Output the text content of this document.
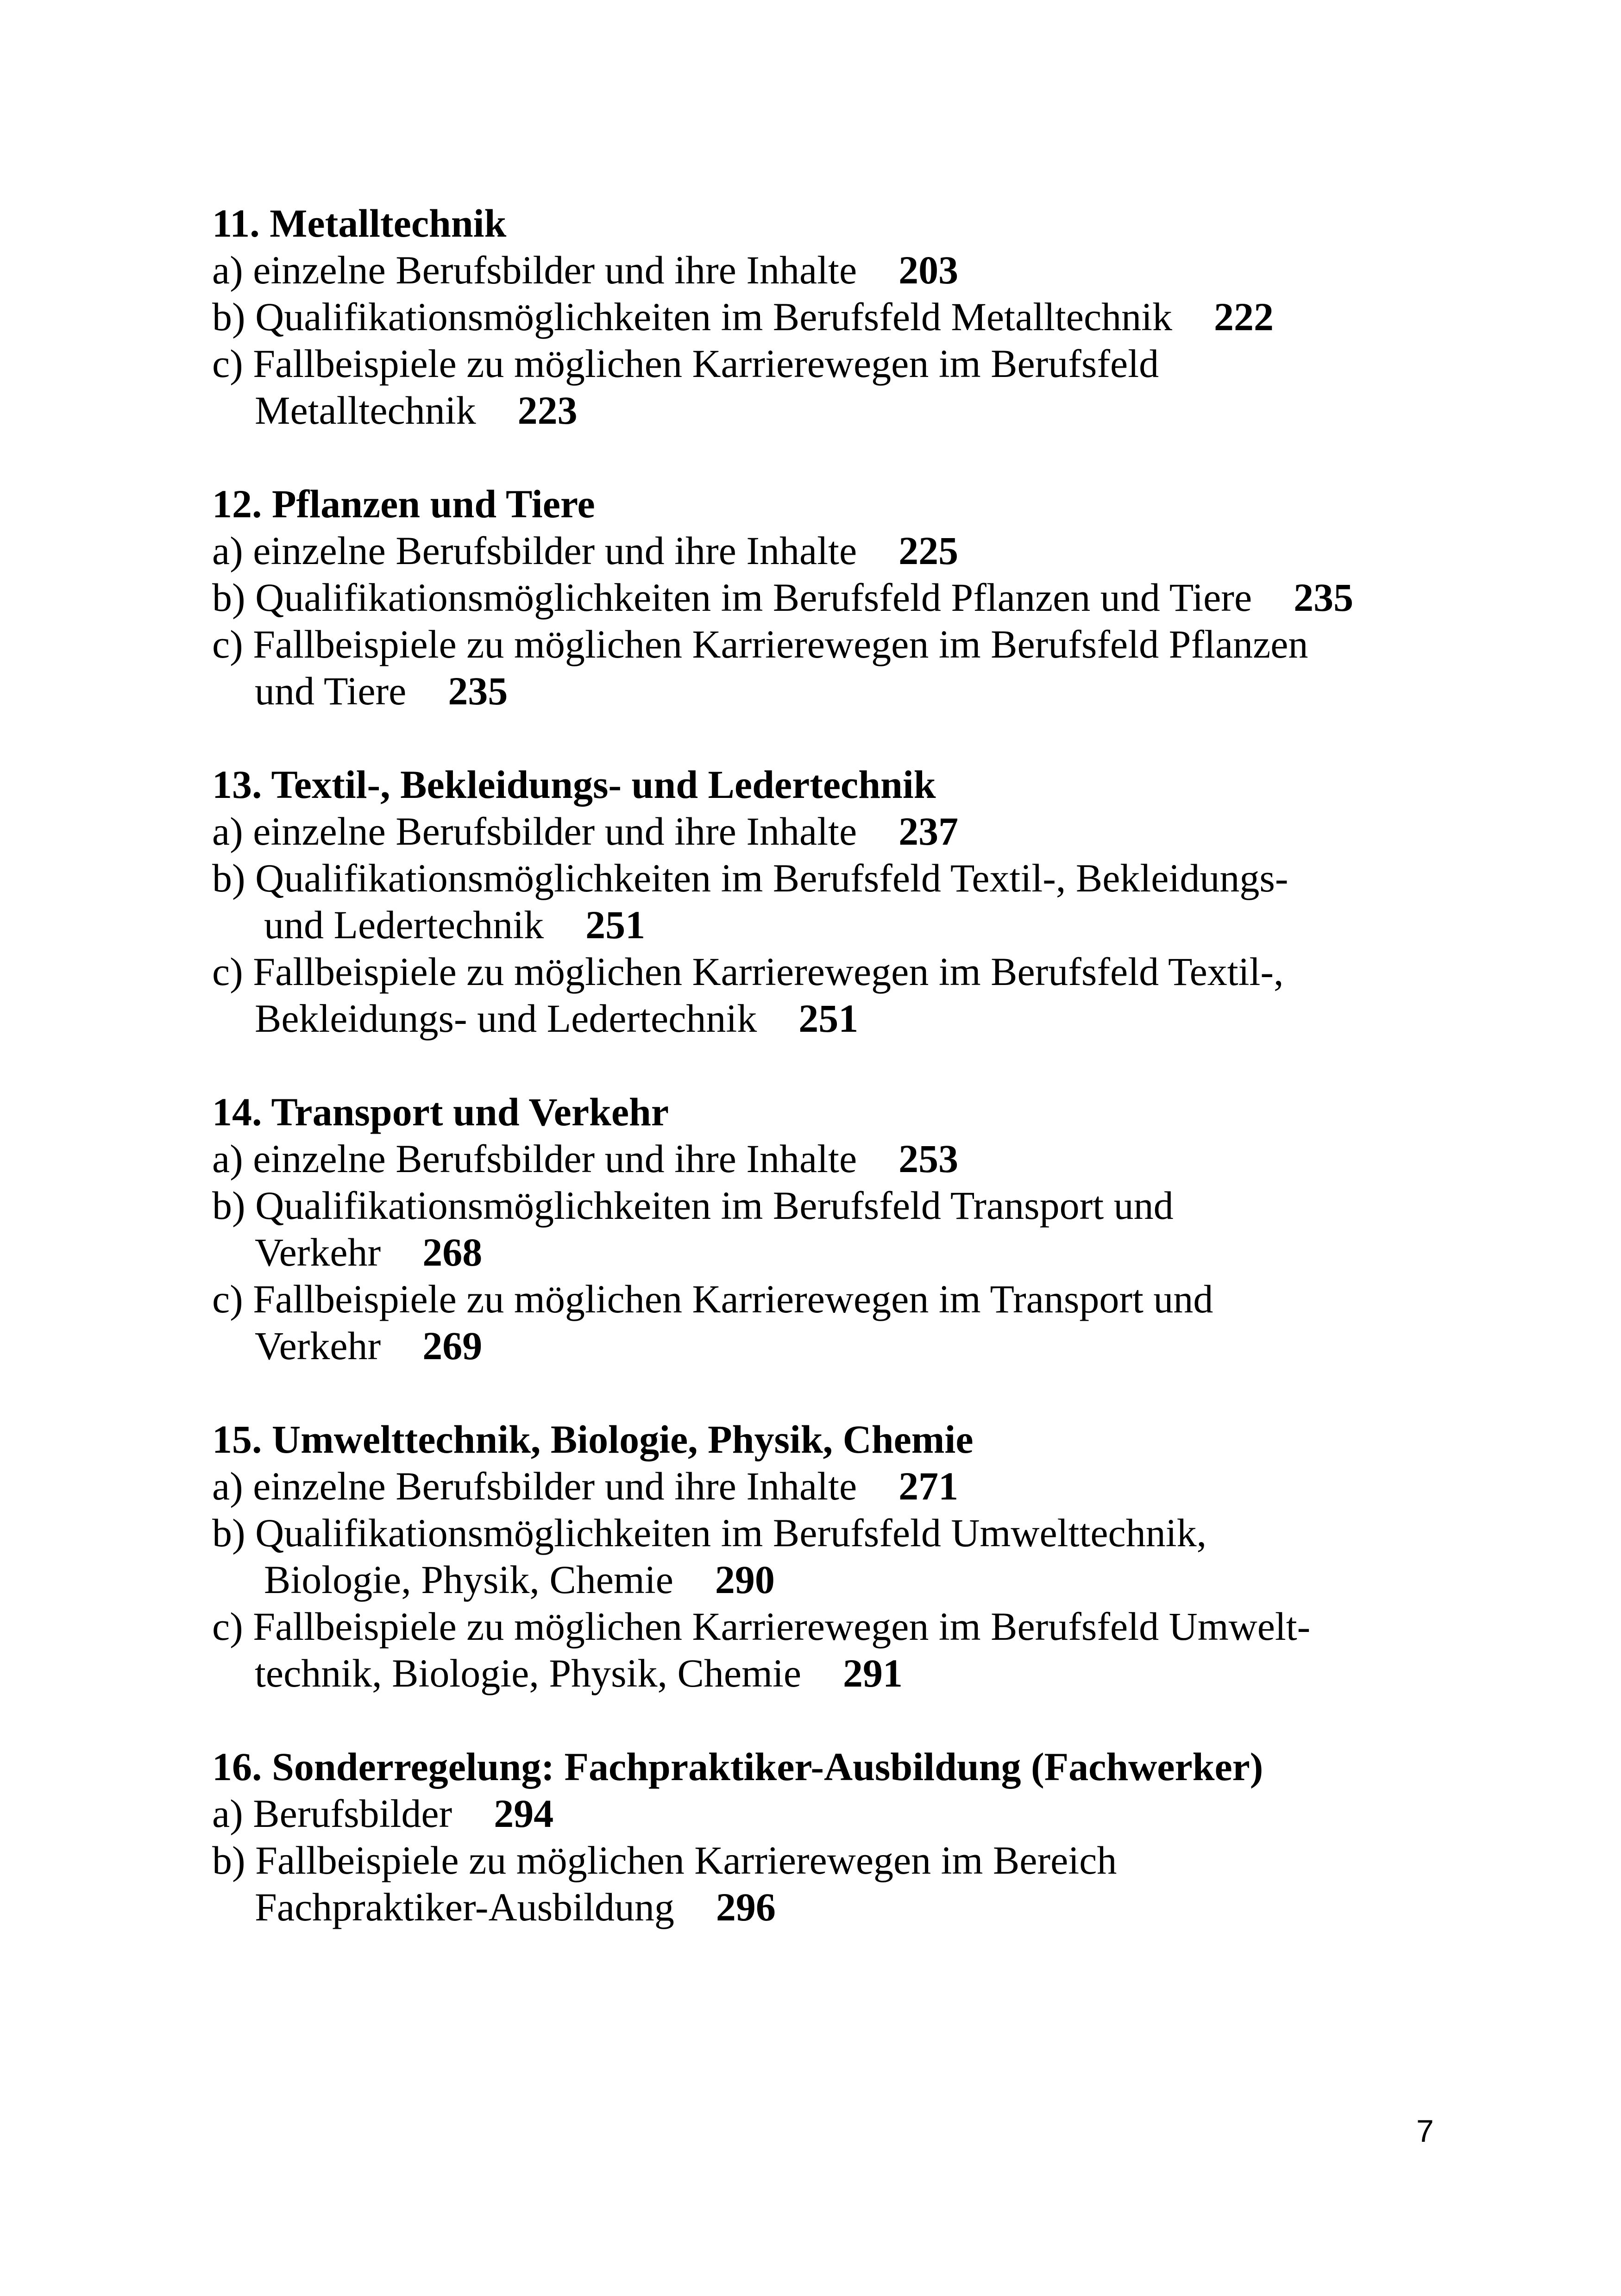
11. Metalltechnik
a) einzelne Berufsbilder und ihre Inhalte 203
b) Qualifikationsmöglichkeiten im Berufsfeld Metalltechnik 222
c) Fallbeispiele zu möglichen Karrierewegen im Berufsfeld
Metalltechnik 223
12. Pflanzen und Tiere
a) einzelne Berufsbilder und ihre Inhalte 225
b) Qualifikationsmöglichkeiten im Berufsfeld Pflanzen und Tiere 235
c) Fallbeispiele zu möglichen Karrierewegen im Berufsfeld Pflanzen
und Tiere 235
13. Textil-, Bekleidungs- und Ledertechnik
a) einzelne Berufsbilder und ihre Inhalte 237
b) Qualifikationsmöglichkeiten im Berufsfeld Textil-, Bekleidungs-
und Ledertechnik 251
c) Fallbeispiele zu möglichen Karrierewegen im Berufsfeld Textil-,
Bekleidungs- und Ledertechnik 251
14. Transport und Verkehr
a) einzelne Berufsbilder und ihre Inhalte 253
b) Qualifikationsmöglichkeiten im Berufsfeld Transport und
Verkehr 268
c) Fallbeispiele zu möglichen Karrierewegen im Transport und
Verkehr 269
15. Umwelttechnik, Biologie, Physik, Chemie
a) einzelne Berufsbilder und ihre Inhalte 271
b) Qualifikationsmöglichkeiten im Berufsfeld Umwelttechnik,
Biologie, Physik, Chemie 290
c) Fallbeispiele zu möglichen Karrierewegen im Berufsfeld Umwelt-
technik, Biologie, Physik, Chemie 291
16. Sonderregelung: Fachpraktiker-Ausbildung (Fachwerker)
a) Berufsbilder 294
b) Fallbeispiele zu möglichen Karrierewegen im Bereich
Fachpraktiker-Ausbildung 296
7
